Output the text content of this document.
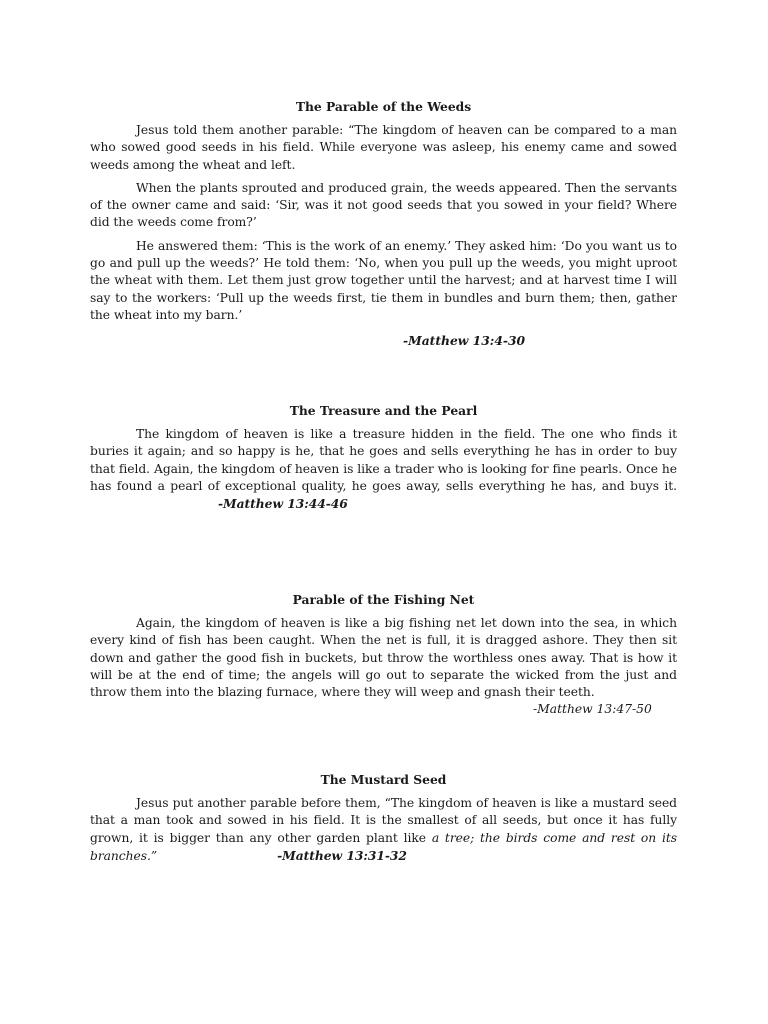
The Parable of the Weeds

Jesus told them another parable: “The kingdom of heaven can be compared to a man who sowed good seeds in his field. While everyone was asleep, his enemy came and sowed weeds among the wheat and left.

When the plants sprouted and produced grain, the weeds appeared. Then the servants of the owner came and said: ‘Sir, was it not good seeds that you sowed in your field? Where did the weeds come from?’

He answered them: ‘This is the work of an enemy.’ They asked him: ‘Do you want us to go and pull up the weeds?’ He told them: ‘No, when you pull up the weeds, you might uproot the wheat with them. Let them just grow together until the harvest; and at harvest time I will say to the workers: ‘Pull up the weeds first, tie them in bundles and burn them; then, gather the wheat into my barn.’

-Matthew 13:4-30
The Treasure and the Pearl

The kingdom of heaven is like a treasure hidden in the field. The one who finds it buries it again; and so happy is he, that he goes and sells everything he has in order to buy that field. Again, the kingdom of heaven is like a trader who is looking for fine pearls. Once he has found a pearl of exceptional quality, he goes away, sells everything he has, and buys it.-Matthew 13:44-46

Parable of the Fishing Net

Again, the kingdom of heaven is like a big fishing net let down into the sea, in which every kind of fish has been caught. When the net is full, it is dragged ashore. They then sit down and gather the good fish in buckets, but throw the worthless ones away. That is how it will be at the end of time; the angels will go out to separate the wicked from the just and throw them into the blazing furnace, where they will weep and gnash their teeth.

-Matthew 13:47-50
The Mustard Seed

Jesus put another parable before them, “The kingdom of heaven is like a mustard seed that a man took and sowed in his field. It is the smallest of all seeds, but once it has fully grown, it is bigger than any other garden plant like a tree; the birds come and rest on its branches.”	-Matthew 13:31-32
